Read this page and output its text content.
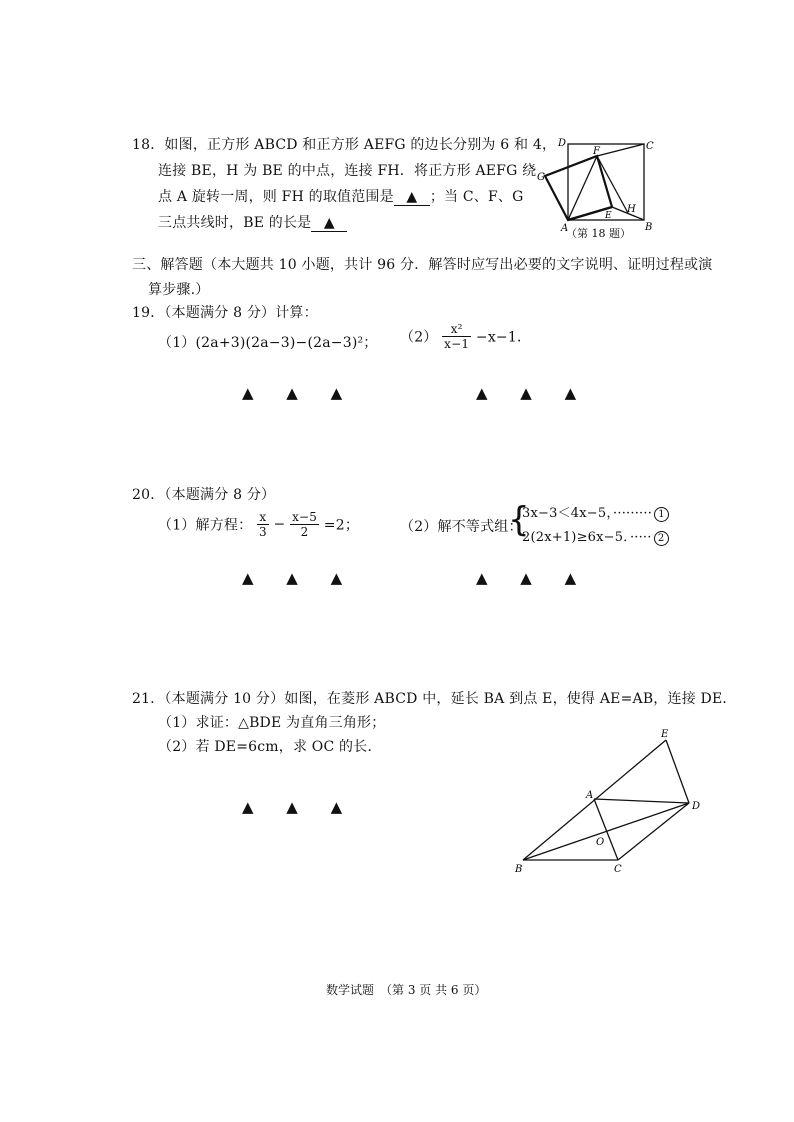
18．如图，正方形 ABCD 和正方形 AEFG 的边长分别为 6 和 4，
连接 BE，H 为 BE 的中点，连接 FH．将正方形 AEFG 绕
点 A 旋转一周，则 FH 的取值范围是 ▲ ；当 C、F、G
三点共线时，BE 的长是 ▲
D	C
F
G
A
E
H
B
（第 18 题）
三、解答题（本大题共 10 小题，共计 96 分．解答时应写出必要的文字说明、证明过程或演
算步骤.）
19．（本题满分 8 分）计算：
（1）(2a+3)(2a−3)−(2a−3)²； $(2) \frac{\text{x²}}{x-1} -x-1$．
▲ ▲ ▲	▲ ▲ ▲
20．（本题满分 8 分）
（1）解方程： $\frac{x}{3} - \frac{x-5}{2} =2$；	（2）解不等式组：
{
3x−3＜4x−5，········· 1
2(2x+1)≥6x−5．····· 2
▲ ▲ ▲	▲ ▲ ▲
21．（本题满分 10 分）如图，在菱形 ABCD 中，延长 BA 到点 E，使得 AE=AB，连接 DE．
（1）求证：△BDE 为直角三角形；
（2）若 DE=6cm，求 OC 的长．
▲ ▲ ▲
E
A
D
O
B	C
数学试题　（第 3 页 共 6 页）
